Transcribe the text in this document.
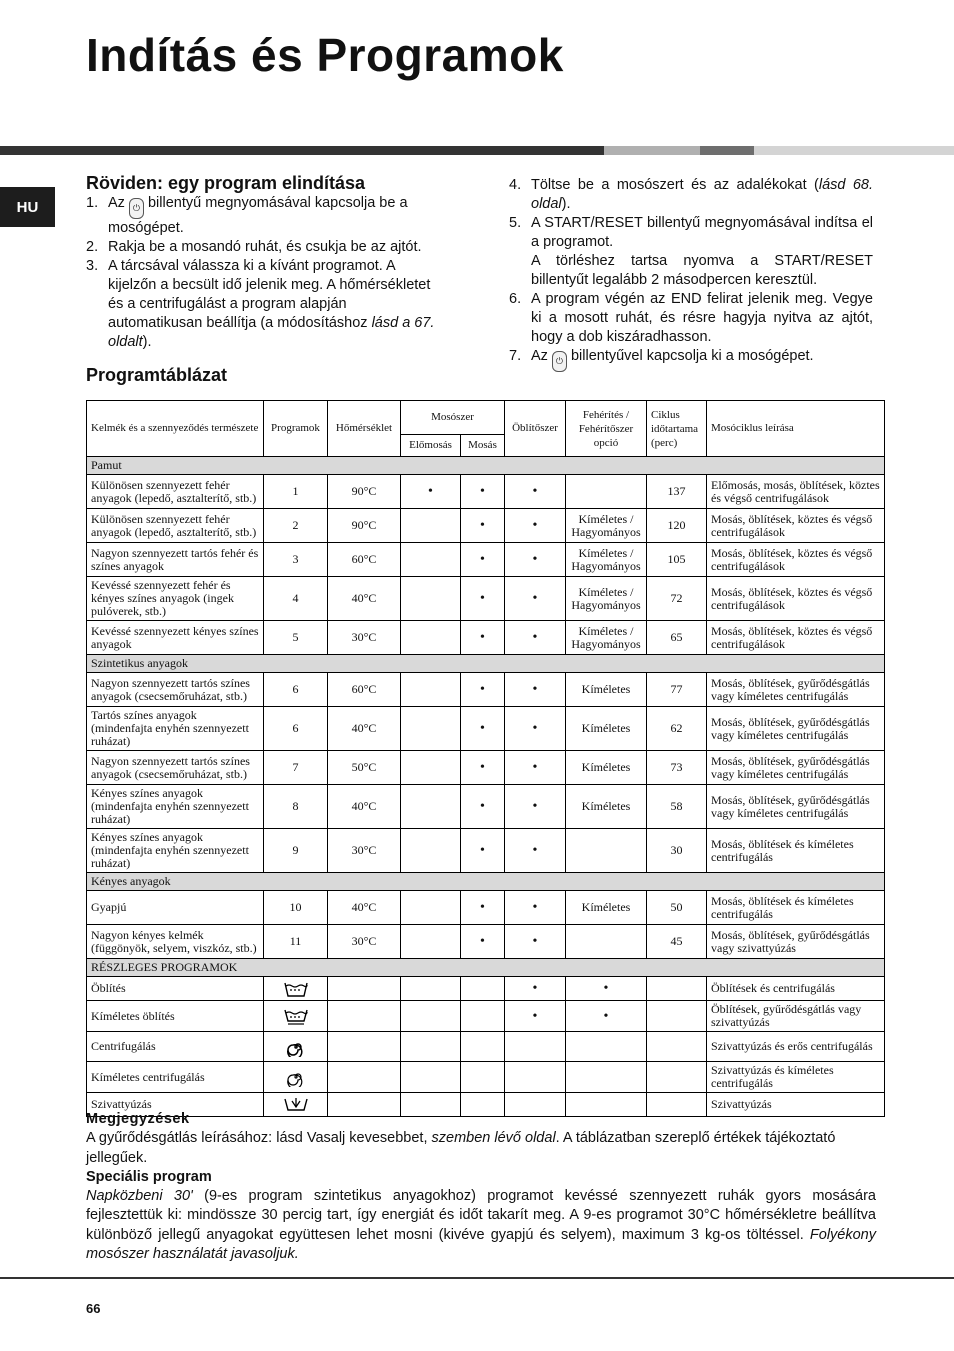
Indítás és Programok
HU
Röviden: egy program elindítása
1. Az ⏻ billentyű megnyomásával kapcsolja be a mosógépet.
2. Rakja be a mosandó ruhát, és csukja be az ajtót.
3. A tárcsával válassza ki a kívánt programot. A kijelzőn a becsült idő jelenik meg. A hőmérsékletet és a centrifugálást a program alapján automatikusan beállítja (a módosításhoz lásd a 67. oldalt).
4. Töltse be a mosószert és az adalékokat (lásd 68. oldal).
5. A START/RESET billentyű megnyomásával indítsa el a programot.
A törléshez tartsa nyomva a START/RESET billentyűt legalább 2 másodpercen keresztül.
6. A program végén az END felirat jelenik meg. Vegye ki a mosott ruhát, és résre hagyja nyitva az ajtót, hogy a dob kiszáradhasson.
7. Az ⏻ billentyűvel kapcsolja ki a mosógépet.
Programtáblázat
Kelmék és a szennyeződés természete	Programok	Hőmérséklet	Mosószer		Öblítőszer	Fehérítés / Fehérítőszer opció	Ciklus időtartama (perc)	Mosóciklus leírása
			Előmosás	Mosás				
Pamut								
Különösen szennyezett fehér anyagok (lepedő, asztalterítő, stb.)	1	90°C	•	•	•		137	Előmosás, mosás, öblítések, köztes és végső centrifugálások
Különösen szennyezett fehér anyagok (lepedő, asztalterítő, stb.)	2	90°C		•	•	Kíméletes / Hagyományos	120	Mosás, öblítések, köztes és végső centrifugálások
Nagyon szennyezett tartós fehér és színes anyagok	3	60°C		•	•	Kíméletes / Hagyományos	105	Mosás, öblítések, köztes és végső centrifugálások
Kevéssé szennyezett fehér és kényes színes anyagok (ingek pulóverek, stb.)	4	40°C		•	•	Kíméletes / Hagyományos	72	Mosás, öblítések, köztes és végső centrifugálások
Kevéssé szennyezett kényes színes anyagok	5	30°C		•	•	Kíméletes / Hagyományos	65	Mosás, öblítések, köztes és végső centrifugálások
Szintetikus anyagok								
Nagyon szennyezett tartós színes anyagok (csecsemőruházat, stb.)	6	60°C		•	•	Kíméletes	77	Mosás, öblítések, gyűrődésgátlás vagy kíméletes centrifugálás
Tartós színes anyagok (mindenfajta enyhén szennyezett ruházat)	6	40°C		•	•	Kíméletes	62	Mosás, öblítések, gyűrődésgátlás vagy kíméletes centrifugálás
Nagyon szennyezett tartós színes anyagok (csecsemőruházat, stb.)	7	50°C		•	•	Kíméletes	73	Mosás, öblítések, gyűrődésgátlás vagy kíméletes centrifugálás
Kényes színes anyagok (mindenfajta enyhén szennyezett ruházat)	8	40°C		•	•	Kíméletes	58	Mosás, öblítések, gyűrődésgátlás vagy kíméletes centrifugálás
Kényes színes anyagok (mindenfajta enyhén szennyezett ruházat)	9	30°C		•	•		30	Mosás, öblítések és kíméletes centrifugálás
Kényes anyagok								
Gyapjú	10	40°C		•	•	Kíméletes	50	Mosás, öblítések és kíméletes centrifugálás
Nagyon kényes kelmék (függönyök, selyem, viszkóz, stb.)	11	30°C		•	•		45	Mosás, öblítések, gyűrődésgátlás vagy szivattyúzás
RÉSZLEGES PROGRAMOK								
Öblítés					•	•		Öblítések és centrifugálás
Kíméletes öblítés					•	•		Öblítések, gyűrődésgátlás vagy szivattyúzás
Centrifugálás								Szivattyúzás és erős centrifugálás
Kíméletes centrifugálás								Szivattyúzás és kíméletes centrifugálás
Szivattyúzás								Szivattyúzás

Megjegyzések

A gyűrődésgátlás leírásához: lásd Vasalj kevesebbet, szemben lévő oldal. A táblázatban szereplő értékek tájékoztató jellegűek.

Speciális program

Napközbeni 30' (9-es program szintetikus anyagokhoz) programot kevéssé szennyezett ruhák gyors mosására fejlesztettük ki: mindössze 30 percig tart, így energiát és időt takarít meg. A 9-es programot 30°C hőmérsékletre beállítva különböző jellegű anyagokat együttesen lehet mosni (kivéve gyapjú és selyem), maximum 3 kg-os töltéssel. Folyékony mosószer használatát javasoljuk.

66
